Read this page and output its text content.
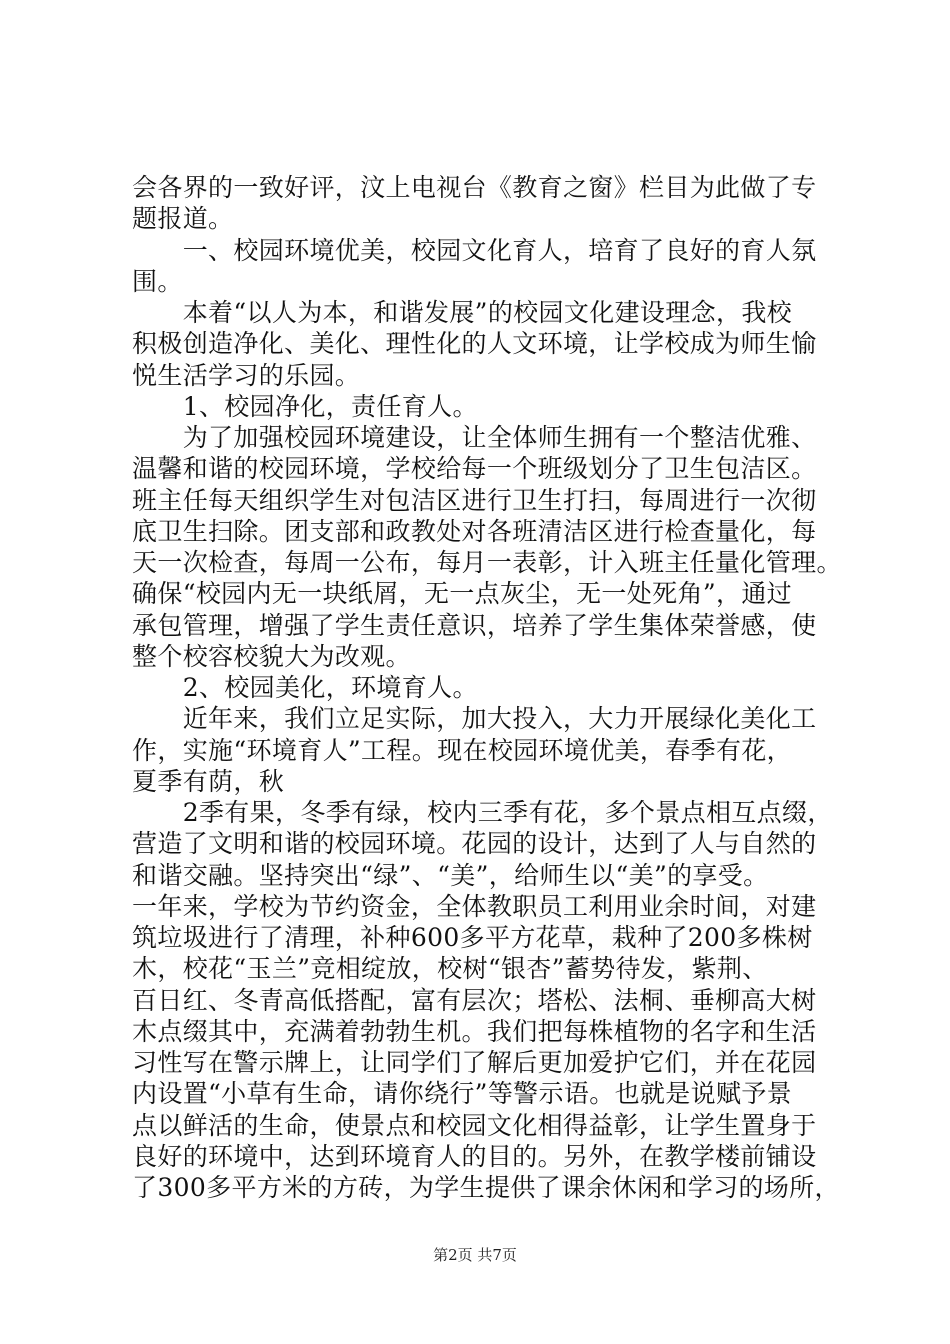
会各界的一致好评，汶上电视台《教育之窗》栏目为此做了专
题报道。
　　一、校园环境优美，校园文化育人，培育了良好的育人氛
围。
　　本着“以人为本，和谐发展”的校园文化建设理念，我校
积极创造净化、美化、理性化的人文环境，让学校成为师生愉
悦生活学习的乐园。
　　1、校园净化，责任育人。
　　为了加强校园环境建设，让全体师生拥有一个整洁优雅、
温馨和谐的校园环境，学校给每一个班级划分了卫生包洁区。
班主任每天组织学生对包洁区进行卫生打扫，每周进行一次彻
底卫生扫除。团支部和政教处对各班清洁区进行检查量化，每
天一次检查，每周一公布，每月一表彰，计入班主任量化管理。
确保“校园内无一块纸屑，无一点灰尘，无一处死角”，通过
承包管理，增强了学生责任意识，培养了学生集体荣誉感，使
整个校容校貌大为改观。
　　2、校园美化，环境育人。
　　近年来，我们立足实际，加大投入，大力开展绿化美化工
作，实施“环境育人”工程。现在校园环境优美，春季有花，
夏季有荫，秋
　　2季有果，冬季有绿，校内三季有花，多个景点相互点缀，
营造了文明和谐的校园环境。花园的设计，达到了人与自然的
和谐交融。坚持突出“绿”、“美”，给师生以“美”的享受。
一年来，学校为节约资金，全体教职员工利用业余时间，对建
筑垃圾进行了清理，补种600多平方花草，栽种了200多株树
木，校花“玉兰”竞相绽放，校树“银杏”蓄势待发，紫荆、
百日红、冬青高低搭配，富有层次；塔松、法桐、垂柳高大树
木点缀其中，充满着勃勃生机。我们把每株植物的名字和生活
习性写在警示牌上，让同学们了解后更加爱护它们，并在花园
内设置“小草有生命，请你绕行”等警示语。也就是说赋予景
点以鲜活的生命，使景点和校园文化相得益彰，让学生置身于
良好的环境中，达到环境育人的目的。另外，在教学楼前铺设
了300多平方米的方砖，为学生提供了课余休闲和学习的场所，
第2页 共7页
